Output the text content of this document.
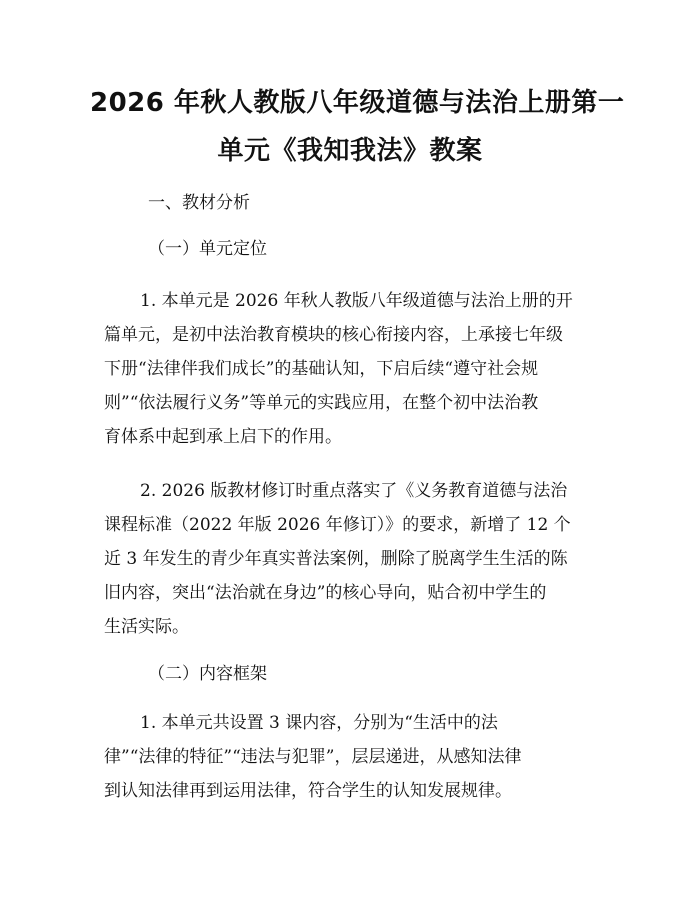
2026 年秋人教版八年级道德与法治上册第一
单元《我知我法》教案
一、教材分析
（一）单元定位
1. 本单元是 2026 年秋人教版八年级道德与法治上册的开
篇单元，是初中法治教育模块的核心衔接内容，上承接七年级
下册“法律伴我们成长”的基础认知，下启后续“遵守社会规
则”“依法履行义务”等单元的实践应用，在整个初中法治教
育体系中起到承上启下的作用。
2. 2026 版教材修订时重点落实了《义务教育道德与法治
课程标准（2022 年版 2026 年修订）》的要求，新增了 12 个
近 3 年发生的青少年真实普法案例，删除了脱离学生生活的陈
旧内容，突出“法治就在身边”的核心导向，贴合初中学生的
生活实际。
（二）内容框架
1. 本单元共设置 3 课内容，分别为“生活中的法
律”“法律的特征”“违法与犯罪”，层层递进，从感知法律
到认知法律再到运用法律，符合学生的认知发展规律。
